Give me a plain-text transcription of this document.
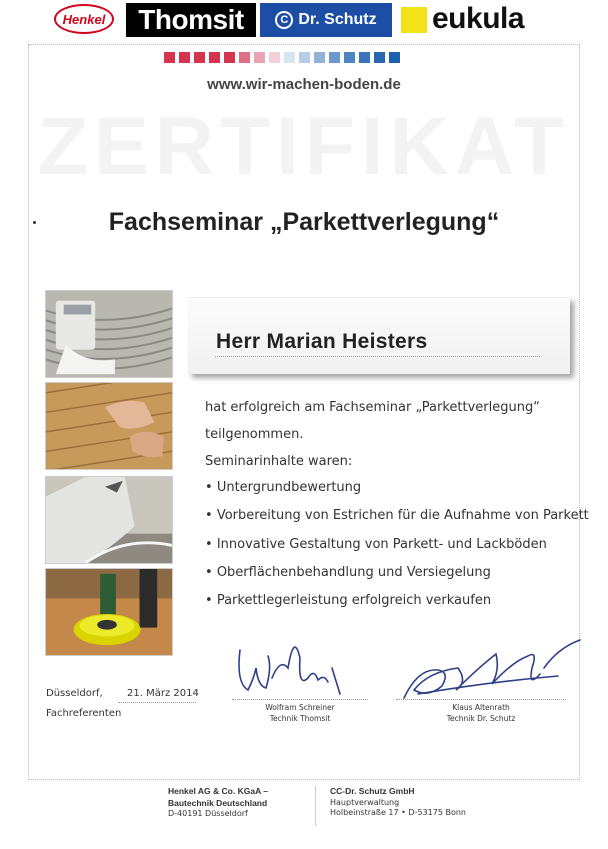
Henkel Thomsit	C Dr. Schutz eukula
www.wir-machen-boden.de
ZERTIFIKAT
Fachseminar „Parkettverlegung“
Herr Marian Heisters

hat erfolgreich am Fachseminar „Parkettverlegung“

teilgenommen.

Seminarinhalte waren:

• Untergrundbewertung
• Vorbereitung von Estrichen für die Aufnahme von Parkett
• Innovative Gestaltung von Parkett- und Lackböden
• Oberflächenbehandlung und Versiegelung
• Parkettlegerleistung erfolgreich verkaufen
Düsseldorf, 21. März 2014
Fachreferenten
Wolfram Schreiner
Technik Thomsit
Klaus Altenrath
Technik Dr. Schutz
Henkel AG & Co. KGaA –
Bautechnik Deutschland
D-40191 Düsseldorf
CC-Dr. Schutz GmbH
Hauptverwaltung
Holbeinstraße 17 • D-53175 Bonn
